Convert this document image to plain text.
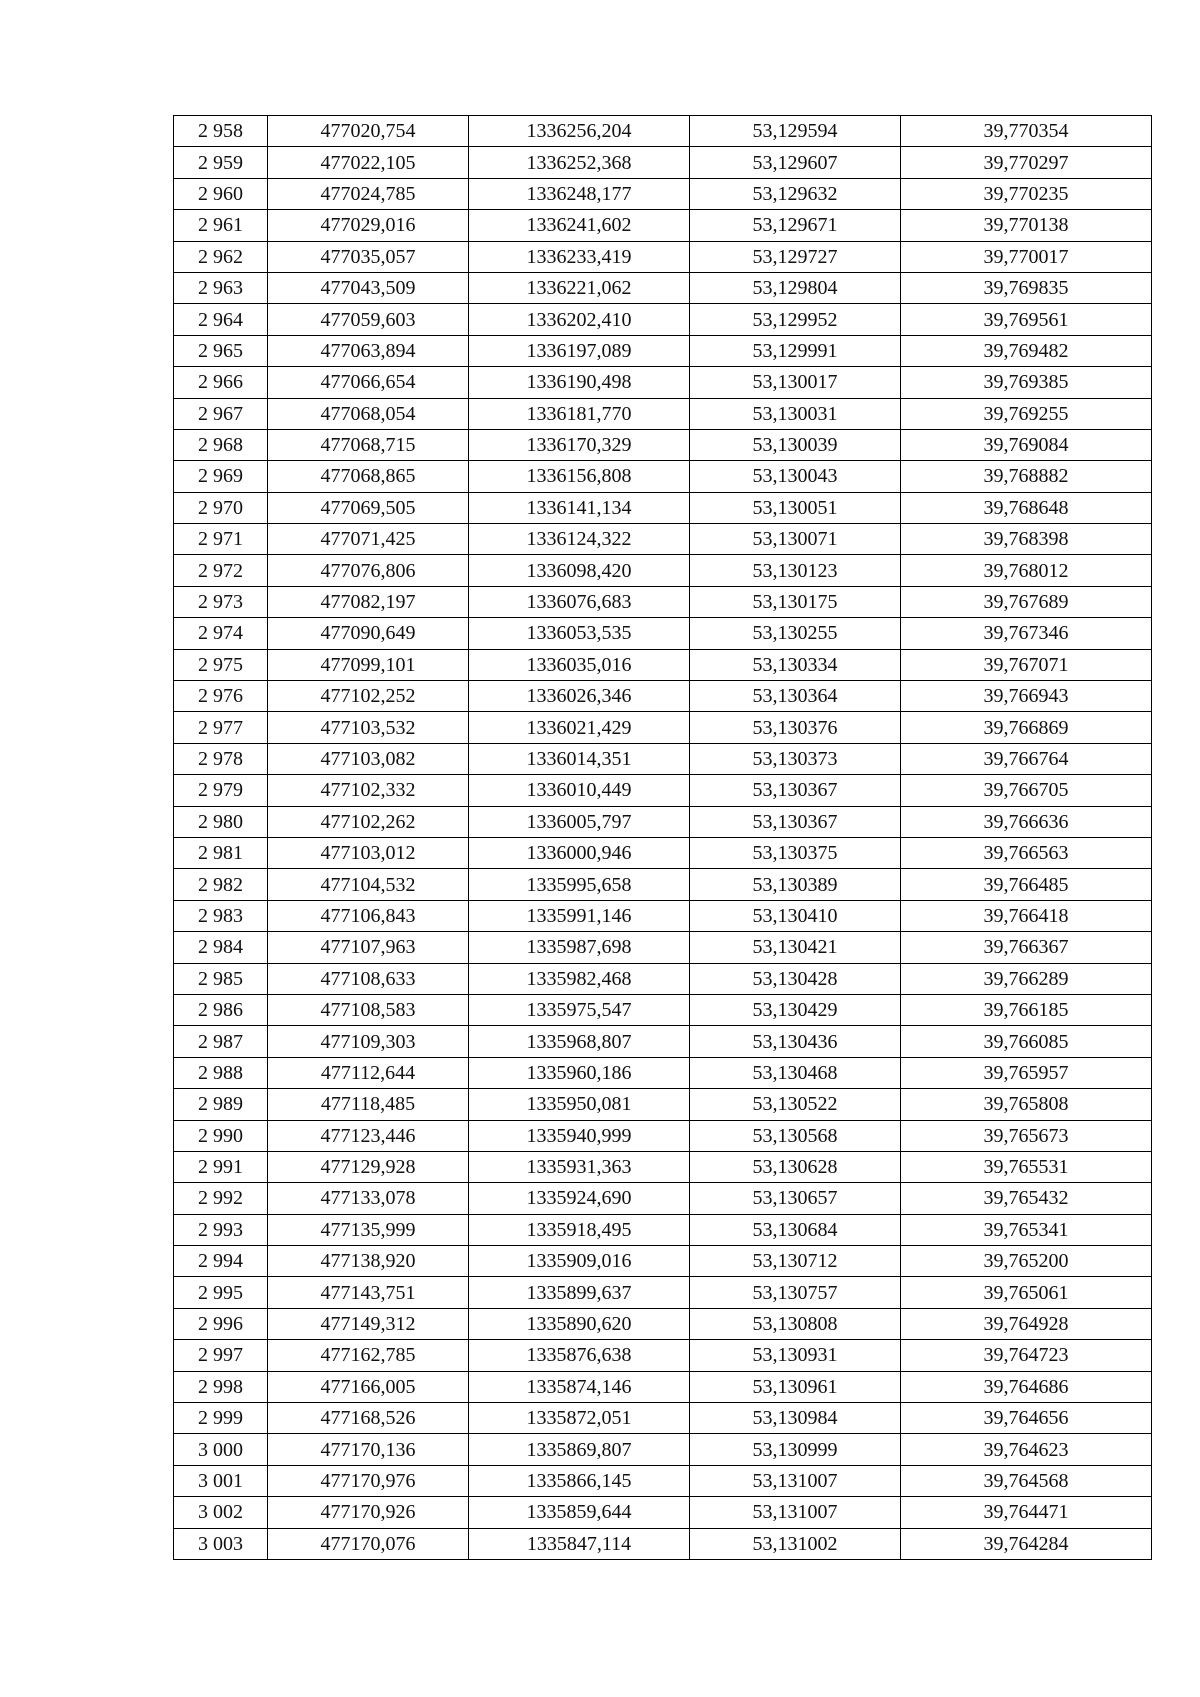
2 958	477020,754	1336256,204	53,129594	39,770354
2 959	477022,105	1336252,368	53,129607	39,770297
2 960	477024,785	1336248,177	53,129632	39,770235
2 961	477029,016	1336241,602	53,129671	39,770138
2 962	477035,057	1336233,419	53,129727	39,770017
2 963	477043,509	1336221,062	53,129804	39,769835
2 964	477059,603	1336202,410	53,129952	39,769561
2 965	477063,894	1336197,089	53,129991	39,769482
2 966	477066,654	1336190,498	53,130017	39,769385
2 967	477068,054	1336181,770	53,130031	39,769255
2 968	477068,715	1336170,329	53,130039	39,769084
2 969	477068,865	1336156,808	53,130043	39,768882
2 970	477069,505	1336141,134	53,130051	39,768648
2 971	477071,425	1336124,322	53,130071	39,768398
2 972	477076,806	1336098,420	53,130123	39,768012
2 973	477082,197	1336076,683	53,130175	39,767689
2 974	477090,649	1336053,535	53,130255	39,767346
2 975	477099,101	1336035,016	53,130334	39,767071
2 976	477102,252	1336026,346	53,130364	39,766943
2 977	477103,532	1336021,429	53,130376	39,766869
2 978	477103,082	1336014,351	53,130373	39,766764
2 979	477102,332	1336010,449	53,130367	39,766705
2 980	477102,262	1336005,797	53,130367	39,766636
2 981	477103,012	1336000,946	53,130375	39,766563
2 982	477104,532	1335995,658	53,130389	39,766485
2 983	477106,843	1335991,146	53,130410	39,766418
2 984	477107,963	1335987,698	53,130421	39,766367
2 985	477108,633	1335982,468	53,130428	39,766289
2 986	477108,583	1335975,547	53,130429	39,766185
2 987	477109,303	1335968,807	53,130436	39,766085
2 988	477112,644	1335960,186	53,130468	39,765957
2 989	477118,485	1335950,081	53,130522	39,765808
2 990	477123,446	1335940,999	53,130568	39,765673
2 991	477129,928	1335931,363	53,130628	39,765531
2 992	477133,078	1335924,690	53,130657	39,765432
2 993	477135,999	1335918,495	53,130684	39,765341
2 994	477138,920	1335909,016	53,130712	39,765200
2 995	477143,751	1335899,637	53,130757	39,765061
2 996	477149,312	1335890,620	53,130808	39,764928
2 997	477162,785	1335876,638	53,130931	39,764723
2 998	477166,005	1335874,146	53,130961	39,764686
2 999	477168,526	1335872,051	53,130984	39,764656
3 000	477170,136	1335869,807	53,130999	39,764623
3 001	477170,976	1335866,145	53,131007	39,764568
3 002	477170,926	1335859,644	53,131007	39,764471
3 003	477170,076	1335847,114	53,131002	39,764284
